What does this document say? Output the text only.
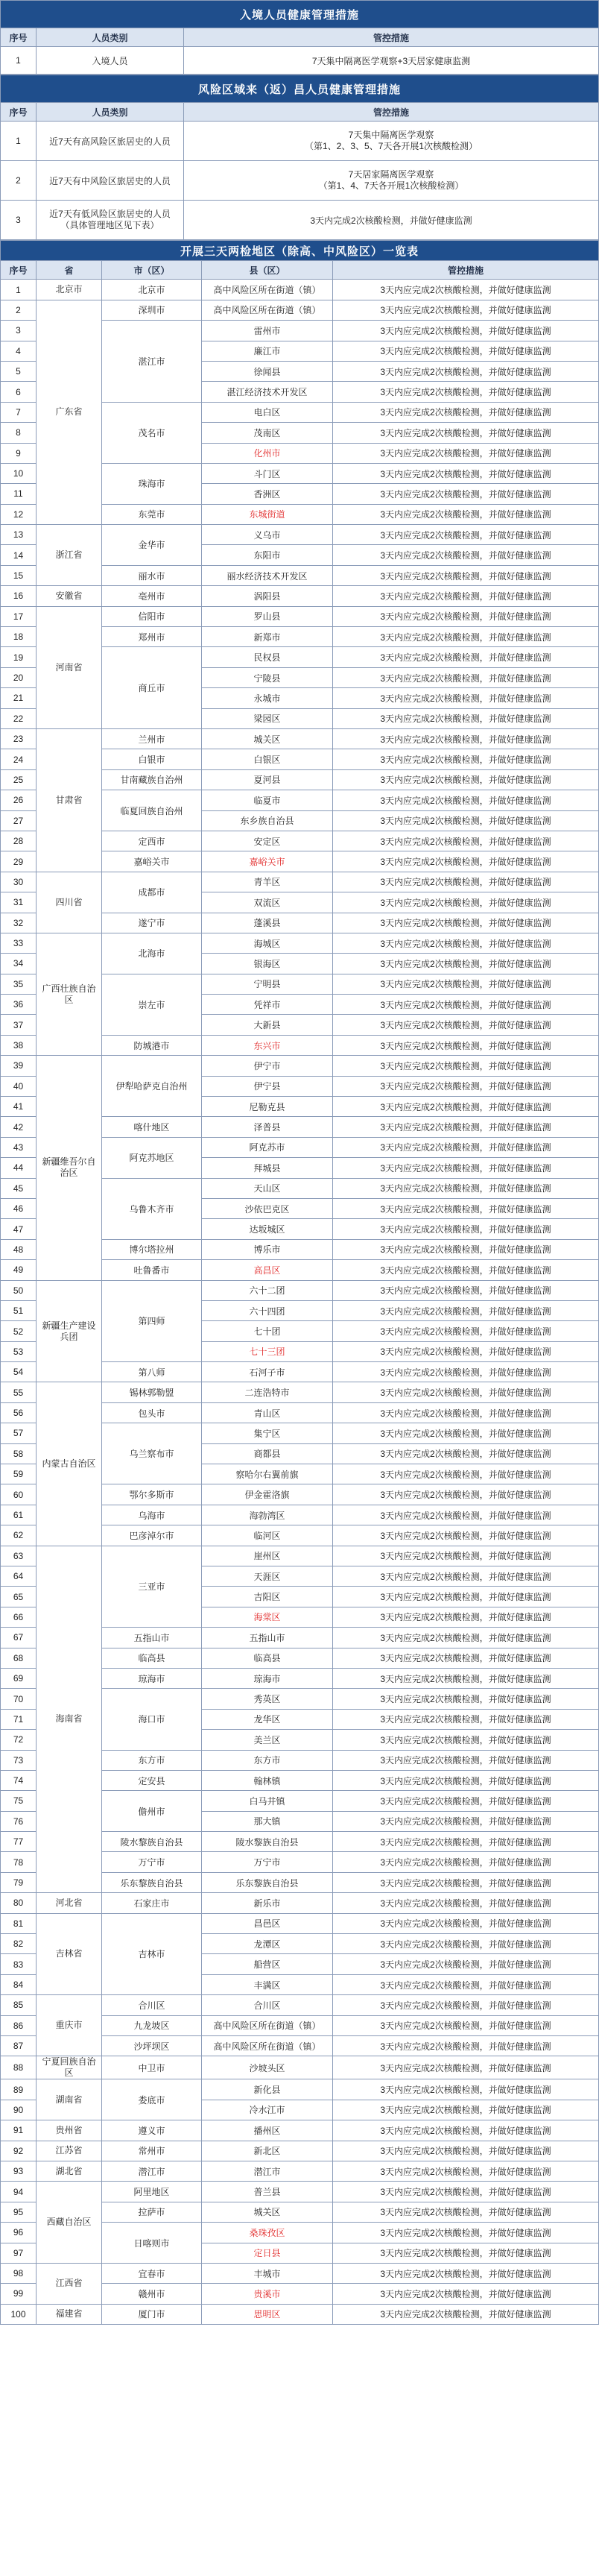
入境人员健康管理措施		
序号	人员类别	管控措施
1	入境人员	7天集中隔离医学观察+3天居家健康监测
风险区域来（返）昌人员健康管理措施		
序号	人员类别	管控措施
1	近7天有高风险区旅居史的人员	7天集中隔离医学观察
（第1、2、3、5、7天各开展1次核酸检测）

2	近7天有中风险区旅居史的人员	7天居家隔离医学观察
（第1、4、7天各开展1次核酸检测）

3	近7天有低风险区旅居史的人员
（具体管理地区见下表）	3天内完成2次核酸检测，并做好健康监测
开展三天两检地区（除高、中风险区）一览表				
序号	省	市（区）	县（区）	管控措施
1	北京市	北京市	高中风险区所在街道（镇）	3天内应完成2次核酸检测，并做好健康监测
2	广东省	深圳市	高中风险区所在街道（镇）	3天内应完成2次核酸检测，并做好健康监测
3		湛江市	雷州市	3天内应完成2次核酸检测，并做好健康监测
4			廉江市	3天内应完成2次核酸检测，并做好健康监测
5			徐闻县	3天内应完成2次核酸检测，并做好健康监测
6			湛江经济技术开发区	3天内应完成2次核酸检测，并做好健康监测
7		茂名市	电白区	3天内应完成2次核酸检测，并做好健康监测
8			茂南区	3天内应完成2次核酸检测，并做好健康监测
9			化州市	3天内应完成2次核酸检测，并做好健康监测
10		珠海市	斗门区	3天内应完成2次核酸检测，并做好健康监测
11			香洲区	3天内应完成2次核酸检测，并做好健康监测
12		东莞市	东城街道	3天内应完成2次核酸检测，并做好健康监测
13	浙江省	金华市	义乌市	3天内应完成2次核酸检测，并做好健康监测
14			东阳市	3天内应完成2次核酸检测，并做好健康监测
15		丽水市	丽水经济技术开发区	3天内应完成2次核酸检测，并做好健康监测
16	安徽省	亳州市	涡阳县	3天内应完成2次核酸检测，并做好健康监测
17	河南省	信阳市	罗山县	3天内应完成2次核酸检测，并做好健康监测
18		郑州市	新郑市	3天内应完成2次核酸检测，并做好健康监测
19		商丘市	民权县	3天内应完成2次核酸检测，并做好健康监测
20			宁陵县	3天内应完成2次核酸检测，并做好健康监测
21			永城市	3天内应完成2次核酸检测，并做好健康监测
22			梁园区	3天内应完成2次核酸检测，并做好健康监测
23	甘肃省	兰州市	城关区	3天内应完成2次核酸检测，并做好健康监测
24		白银市	白银区	3天内应完成2次核酸检测，并做好健康监测
25		甘南藏族自治州	夏河县	3天内应完成2次核酸检测，并做好健康监测
26		临夏回族自治州	临夏市	3天内应完成2次核酸检测，并做好健康监测
27			东乡族自治县	3天内应完成2次核酸检测，并做好健康监测
28		定西市	安定区	3天内应完成2次核酸检测，并做好健康监测
29		嘉峪关市	嘉峪关市	3天内应完成2次核酸检测，并做好健康监测
30	四川省	成都市	青羊区	3天内应完成2次核酸检测，并做好健康监测
31			双流区	3天内应完成2次核酸检测，并做好健康监测
32		遂宁市	蓬溪县	3天内应完成2次核酸检测，并做好健康监测
33	广西壮族自治区	北海市	海城区	3天内应完成2次核酸检测，并做好健康监测
34			银海区	3天内应完成2次核酸检测，并做好健康监测
35		崇左市	宁明县	3天内应完成2次核酸检测，并做好健康监测
36			凭祥市	3天内应完成2次核酸检测，并做好健康监测
37			大新县	3天内应完成2次核酸检测，并做好健康监测
38		防城港市	东兴市	3天内应完成2次核酸检测，并做好健康监测
39	新疆维吾尔自治区	伊犁哈萨克自治州	伊宁市	3天内应完成2次核酸检测，并做好健康监测
40			伊宁县	3天内应完成2次核酸检测，并做好健康监测
41			尼勒克县	3天内应完成2次核酸检测，并做好健康监测
42		喀什地区	泽普县	3天内应完成2次核酸检测，并做好健康监测
43		阿克苏地区	阿克苏市	3天内应完成2次核酸检测，并做好健康监测
44			拜城县	3天内应完成2次核酸检测，并做好健康监测
45		乌鲁木齐市	天山区	3天内应完成2次核酸检测，并做好健康监测
46			沙依巴克区	3天内应完成2次核酸检测，并做好健康监测
47			达坂城区	3天内应完成2次核酸检测，并做好健康监测
48		博尔塔拉州	博乐市	3天内应完成2次核酸检测，并做好健康监测
49		吐鲁番市	高昌区	3天内应完成2次核酸检测，并做好健康监测
50	新疆生产建设兵团	第四师	六十二团	3天内应完成2次核酸检测，并做好健康监测
51			六十四团	3天内应完成2次核酸检测，并做好健康监测
52			七十团	3天内应完成2次核酸检测，并做好健康监测
53			七十三团	3天内应完成2次核酸检测，并做好健康监测
54		第八师	石河子市	3天内应完成2次核酸检测，并做好健康监测
55	内蒙古自治区	锡林郭勒盟	二连浩特市	3天内应完成2次核酸检测，并做好健康监测
56		包头市	青山区	3天内应完成2次核酸检测，并做好健康监测
57		乌兰察布市	集宁区	3天内应完成2次核酸检测，并做好健康监测
58			商都县	3天内应完成2次核酸检测，并做好健康监测
59			察哈尔右翼前旗	3天内应完成2次核酸检测，并做好健康监测
60		鄂尔多斯市	伊金霍洛旗	3天内应完成2次核酸检测，并做好健康监测
61		乌海市	海勃湾区	3天内应完成2次核酸检测，并做好健康监测
62		巴彦淖尔市	临河区	3天内应完成2次核酸检测，并做好健康监测
63	海南省	三亚市	崖州区	3天内应完成2次核酸检测，并做好健康监测
64			天涯区	3天内应完成2次核酸检测，并做好健康监测
65			吉阳区	3天内应完成2次核酸检测，并做好健康监测
66			海棠区	3天内应完成2次核酸检测，并做好健康监测
67		五指山市	五指山市	3天内应完成2次核酸检测，并做好健康监测
68		临高县	临高县	3天内应完成2次核酸检测，并做好健康监测
69		琼海市	琼海市	3天内应完成2次核酸检测，并做好健康监测
70		海口市	秀英区	3天内应完成2次核酸检测，并做好健康监测
71			龙华区	3天内应完成2次核酸检测，并做好健康监测
72			美兰区	3天内应完成2次核酸检测，并做好健康监测
73		东方市	东方市	3天内应完成2次核酸检测，并做好健康监测
74		定安县	翰林镇	3天内应完成2次核酸检测，并做好健康监测
75		儋州市	白马井镇	3天内应完成2次核酸检测，并做好健康监测
76			那大镇	3天内应完成2次核酸检测，并做好健康监测
77		陵水黎族自治县	陵水黎族自治县	3天内应完成2次核酸检测，并做好健康监测
78		万宁市	万宁市	3天内应完成2次核酸检测，并做好健康监测
79		乐东黎族自治县	乐东黎族自治县	3天内应完成2次核酸检测，并做好健康监测
80	河北省	石家庄市	新乐市	3天内应完成2次核酸检测，并做好健康监测
81	吉林省	吉林市	昌邑区	3天内应完成2次核酸检测，并做好健康监测
82			龙潭区	3天内应完成2次核酸检测，并做好健康监测
83			船营区	3天内应完成2次核酸检测，并做好健康监测
84			丰满区	3天内应完成2次核酸检测，并做好健康监测
85	重庆市	合川区	合川区	3天内应完成2次核酸检测，并做好健康监测
86		九龙坡区	高中风险区所在街道（镇）	3天内应完成2次核酸检测，并做好健康监测
87		沙坪坝区	高中风险区所在街道（镇）	3天内应完成2次核酸检测，并做好健康监测
88	宁夏回族自治区	中卫市	沙坡头区	3天内应完成2次核酸检测，并做好健康监测
89	湖南省	娄底市	新化县	3天内应完成2次核酸检测，并做好健康监测
90			冷水江市	3天内应完成2次核酸检测，并做好健康监测
91	贵州省	遵义市	播州区	3天内应完成2次核酸检测，并做好健康监测
92	江苏省	常州市	新北区	3天内应完成2次核酸检测，并做好健康监测
93	湖北省	潜江市	潜江市	3天内应完成2次核酸检测，并做好健康监测
94	西藏自治区	阿里地区	普兰县	3天内应完成2次核酸检测，并做好健康监测
95		拉萨市	城关区	3天内应完成2次核酸检测，并做好健康监测
96		日喀则市	桑珠孜区	3天内应完成2次核酸检测，并做好健康监测
97			定日县	3天内应完成2次核酸检测，并做好健康监测
98	江西省	宜春市	丰城市	3天内应完成2次核酸检测，并做好健康监测
99		赣州市	贵溪市	3天内应完成2次核酸检测，并做好健康监测
100	福建省	厦门市	思明区	3天内应完成2次核酸检测，并做好健康监测
